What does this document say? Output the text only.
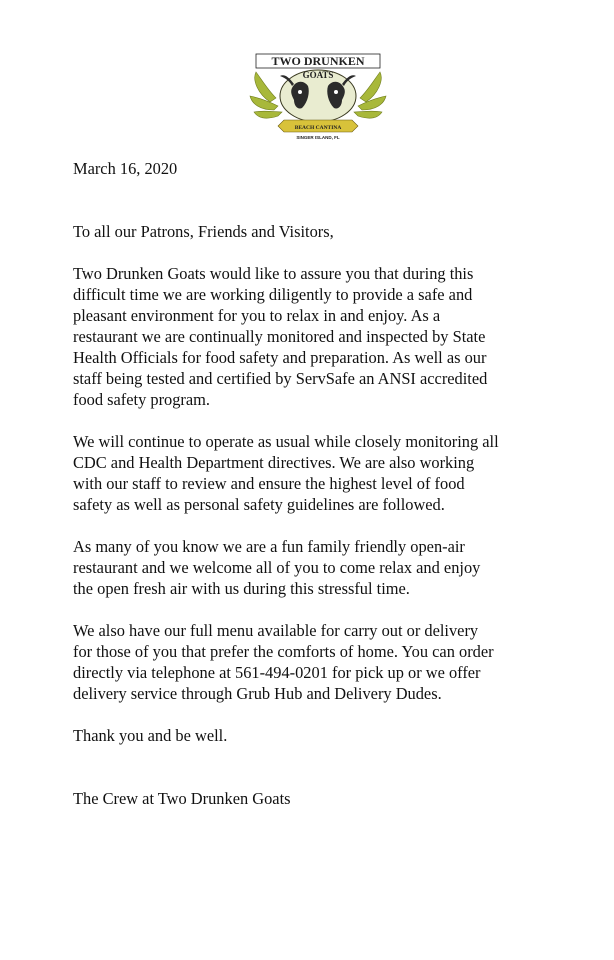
TWO DRUNKEN
GOATS
BEACH CANTINA
SINGER ISLAND, FL

March 16, 2020

To all our Patrons, Friends and Visitors,

Two Drunken Goats would like to assure you that during this
difficult time we are working diligently to provide a safe and
pleasant environment for you to relax in and enjoy. As a
restaurant we are continually monitored and inspected by State
Health Officials for food safety and preparation. As well as our
staff being tested and certified by ServSafe an ANSI accredited
food safety program.

We will continue to operate as usual while closely monitoring all
CDC and Health Department directives. We are also working
with our staff to review and ensure the highest level of food
safety as well as personal safety guidelines are followed.

As many of you know we are a fun family friendly open-air
restaurant and we welcome all of you to come relax and enjoy
the open fresh air with us during this stressful time.

We also have our full menu available for carry out or delivery
for those of you that prefer the comforts of home. You can order
directly via telephone at 561-494-0201 for pick up or we offer
delivery service through Grub Hub and Delivery Dudes.

Thank you and be well.

The Crew at Two Drunken Goats
